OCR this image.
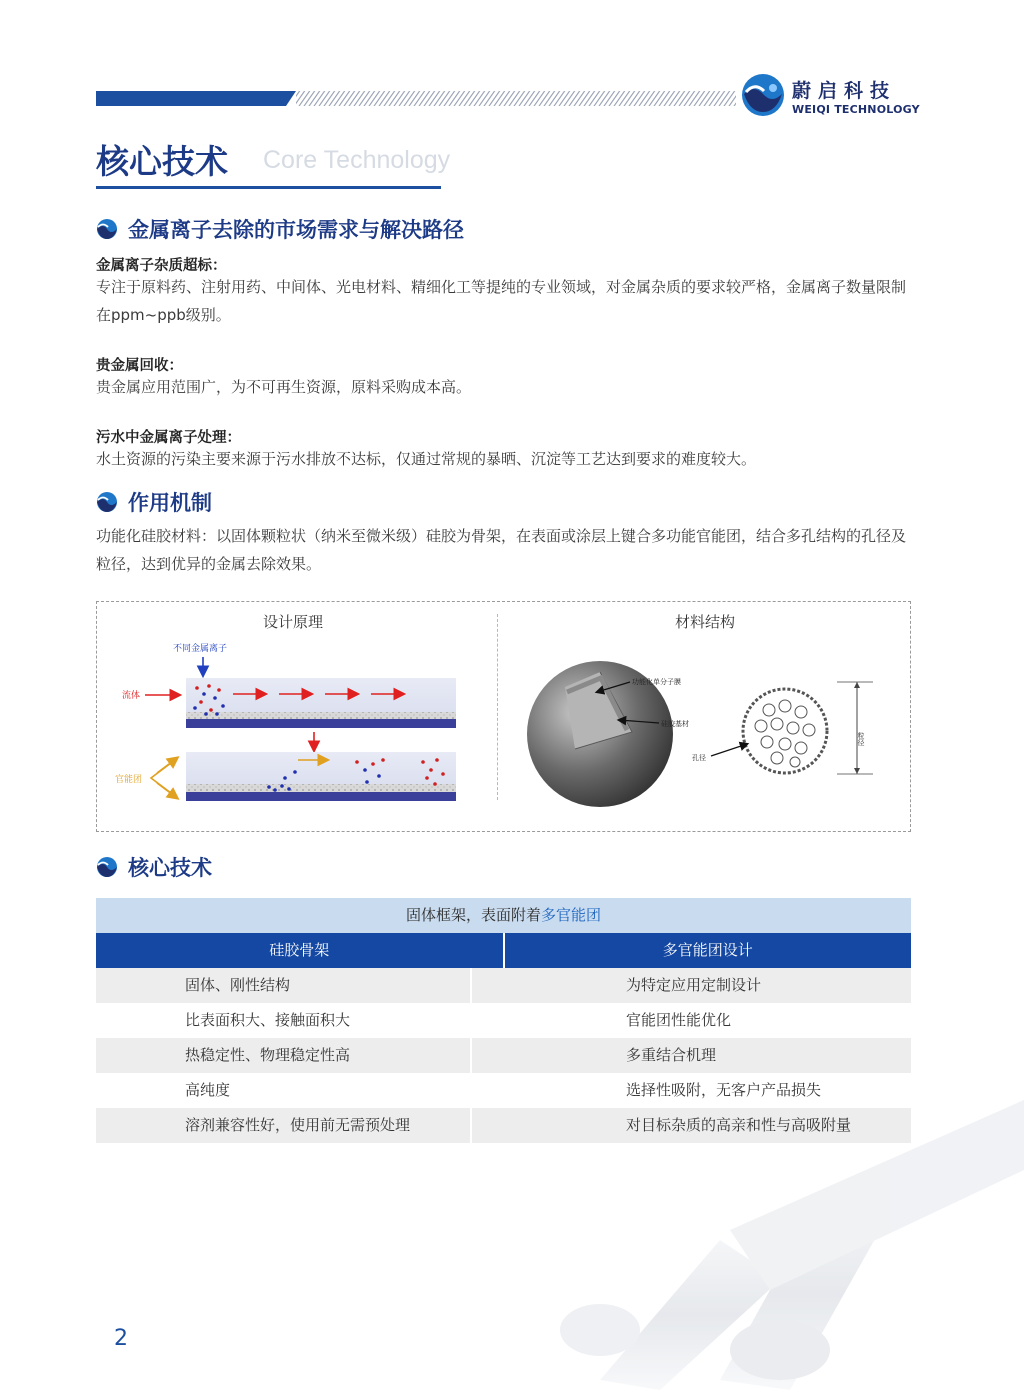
蔚启科技
WEIQI TECHNOLOGY
核心技术 Core Technology
金属离子去除的市场需求与解决路径
金属离子杂质超标：
专注于原料药、注射用药、中间体、光电材料、精细化工等提纯的专业领域，对金属杂质的要求较严格，金属离子数量限制在ppm~ppb级别。
贵金属回收：
贵金属应用范围广，为不可再生资源，原料采购成本高。
污水中金属离子处理：
水土资源的污染主要来源于污水排放不达标，仅通过常规的暴晒、沉淀等工艺达到要求的难度较大。
作用机制
功能化硅胶材料：以固体颗粒状（纳米至微米级）硅胶为骨架，在表面或涂层上键合多功能官能团，结合多孔结构的孔径及粒径，达到优异的金属去除效果。
设计原理	材料结构
不同金属离子
流体
官能团
功能化单分子膜
硅胶基材
孔径
粒径
核心技术
固体框架，表面附着多官能团
硅胶骨架	多官能团设计
固体、刚性结构	为特定应用定制设计
比表面积大、接触面积大	官能团性能优化
热稳定性、物理稳定性高	多重结合机理
高纯度	选择性吸附，无客户产品损失
溶剂兼容性好，使用前无需预处理	对目标杂质的高亲和性与高吸附量
2
